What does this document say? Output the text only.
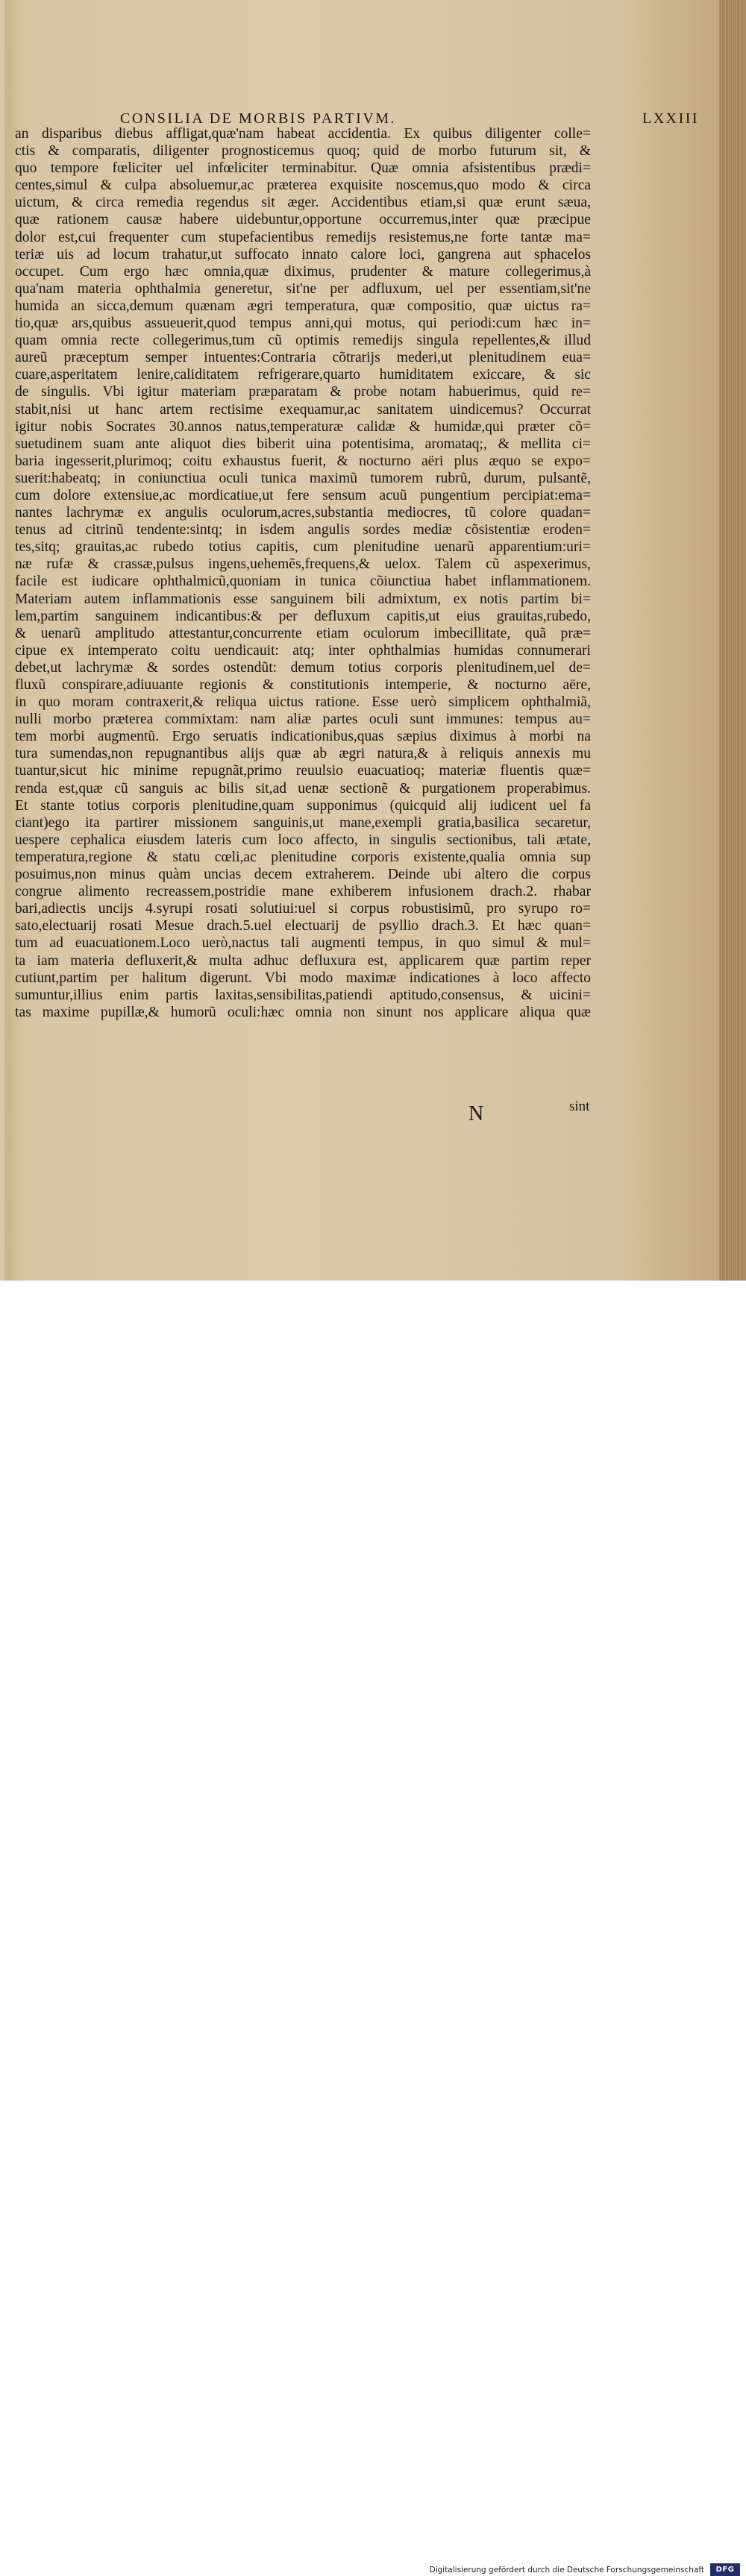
CONSILIA DE MORBIS PARTIVM.	LXXIII
an disparibus diebus affligat,quæ'nam habeat accidentia. Ex quibus diligenter colle=
ctis & comparatis, diligenter prognosticemus quoq; quid de morbo futurum sit, &
quo tempore fœliciter uel infœliciter terminabitur. Quæ omnia afsistentibus prædi=
centes,simul & culpa absoluemur,ac præterea exquisite noscemus,quo modo & circa
uictum, & circa remedia regendus sit æger. Accidentibus etiam,si quæ erunt sæua,
quæ rationem causæ habere uidebuntur,opportune occurremus,inter quæ præcipue
dolor est,cui frequenter cum stupefacientibus remedijs resistemus,ne forte tantæ ma=
teriæ uis ad locum trahatur,ut suffocato innato calore loci, gangrena aut sphacelos
occupet. Cum ergo hæc omnia,quæ diximus, prudenter & mature collegerimus,à
qua'nam materia ophthalmia generetur, sit'ne per adfluxum, uel per essentiam,sit'ne
humida an sicca,demum quænam ægri temperatura, quæ compositio, quæ uictus ra=
tio,quæ ars,quibus assueuerit,quod tempus anni,qui motus, qui periodi:cum hæc in=
quam omnia recte collegerimus,tum cũ optimis remedijs singula repellentes,& illud
aureũ præceptum semper intuentes:Contraria cõtrarijs mederi,ut plenitudinem eua=
cuare,asperitatem lenire,caliditatem refrigerare,quarto humiditatem exiccare, & sic
de singulis. Vbi igitur materiam præparatam & probe notam habuerimus, quid re=
stabit,nisi ut hanc artem rectisime exequamur,ac sanitatem uindicemus? Occurrat
igitur nobis Socrates 30.annos natus,temperaturæ calidæ & humidæ,qui præter cõ=
suetudinem suam ante aliquot dies biberit uina potentisima, aromataq;, & mellita ci=
baria ingesserit,plurimoq; coitu exhaustus fuerit, & nocturno aëri plus æquo se expo=
suerit:habeatq; in coniunctiua oculi tunica maximũ tumorem rubrũ, durum, pulsantẽ,
cum dolore extensiue,ac mordicatiue,ut fere sensum acuũ pungentium percipiat:ema=
nantes lachrymæ ex angulis oculorum,acres,substantia mediocres, tũ colore quadan=
tenus ad citrinũ tendente:sintq; in isdem angulis sordes mediæ cõsistentiæ eroden=
tes,sitq; grauitas,ac rubedo totius capitis, cum plenitudine uenarũ apparentium:uri=
næ rufæ & crassæ,pulsus ingens,uehemẽs,frequens,& uelox. Talem cũ aspexerimus,
facile est iudicare ophthalmicũ,quoniam in tunica cõiunctiua habet inflammationem.
Materiam autem inflammationis esse sanguinem bili admixtum, ex notis partim bi=
lem,partim sanguinem indicantibus:& per defluxum capitis,ut eius grauitas,rubedo,
& uenarũ amplitudo attestantur,concurrente etiam oculorum imbecillitate, quã præ=
cipue ex intemperato coitu uendicauit: atq; inter ophthalmias humidas connumerari
debet,ut lachrymæ & sordes ostendũt: demum totius corporis plenitudinem,uel de=
fluxũ conspirare,adiuuante regionis & constitutionis intemperie, & nocturno aëre,
in quo moram contraxerit,& reliqua uictus ratione. Esse uerò simplicem ophthalmiã,
nulli morbo præterea commixtam: nam aliæ partes oculi sunt immunes: tempus au=
tem morbi augmentũ. Ergo seruatis indicationibus,quas sæpius diximus à morbi na
tura sumendas,non repugnantibus alijs quæ ab ægri natura,& à reliquis annexis mu
tuantur,sicut hic minime repugnãt,primo reuulsio euacuatioq; materiæ fluentis quæ=
renda est,quæ cũ sanguis ac bilis sit,ad uenæ sectionẽ & purgationem properabimus.
Et stante totius corporis plenitudine,quam supponimus (quicquid alij iudicent uel fa
ciant)ego ita partirer missionem sanguinis,ut mane,exempli gratia,basilica secaretur,
uespere cephalica eiusdem lateris cum loco affecto, in singulis sectionibus, tali ætate,
temperatura,regione & statu cœli,ac plenitudine corporis existente,qualia omnia sup
posuimus,non minus quàm uncias decem extraherem. Deinde ubi altero die corpus
congrue alimento recreassem,postridie mane exhiberem infusionem drach.2. rhabar
bari,adiectis uncijs 4.syrupi rosati solutiui:uel si corpus robustisimũ, pro syrupo ro=
sato,electuarij rosati Mesue drach.5.uel electuarij de psyllio drach.3. Et hæc quan=
tum ad euacuationem.Loco uerò,nactus tali augmenti tempus, in quo simul & mul=
ta iam materia defluxerit,& multa adhuc defluxura est, applicarem quæ partim reper
cutiunt,partim per halitum digerunt. Vbi modo maximæ indicationes à loco affecto
sumuntur,illius enim partis laxitas,sensibilitas,patiendi aptitudo,consensus, & uicini=
tas maxime pupillæ,& humorũ oculi:hæc omnia non sinunt nos applicare aliqua quæ
N	sint
Digitalisierung gefördert durch die Deutsche Forschungsgemeinschaft	DFG
